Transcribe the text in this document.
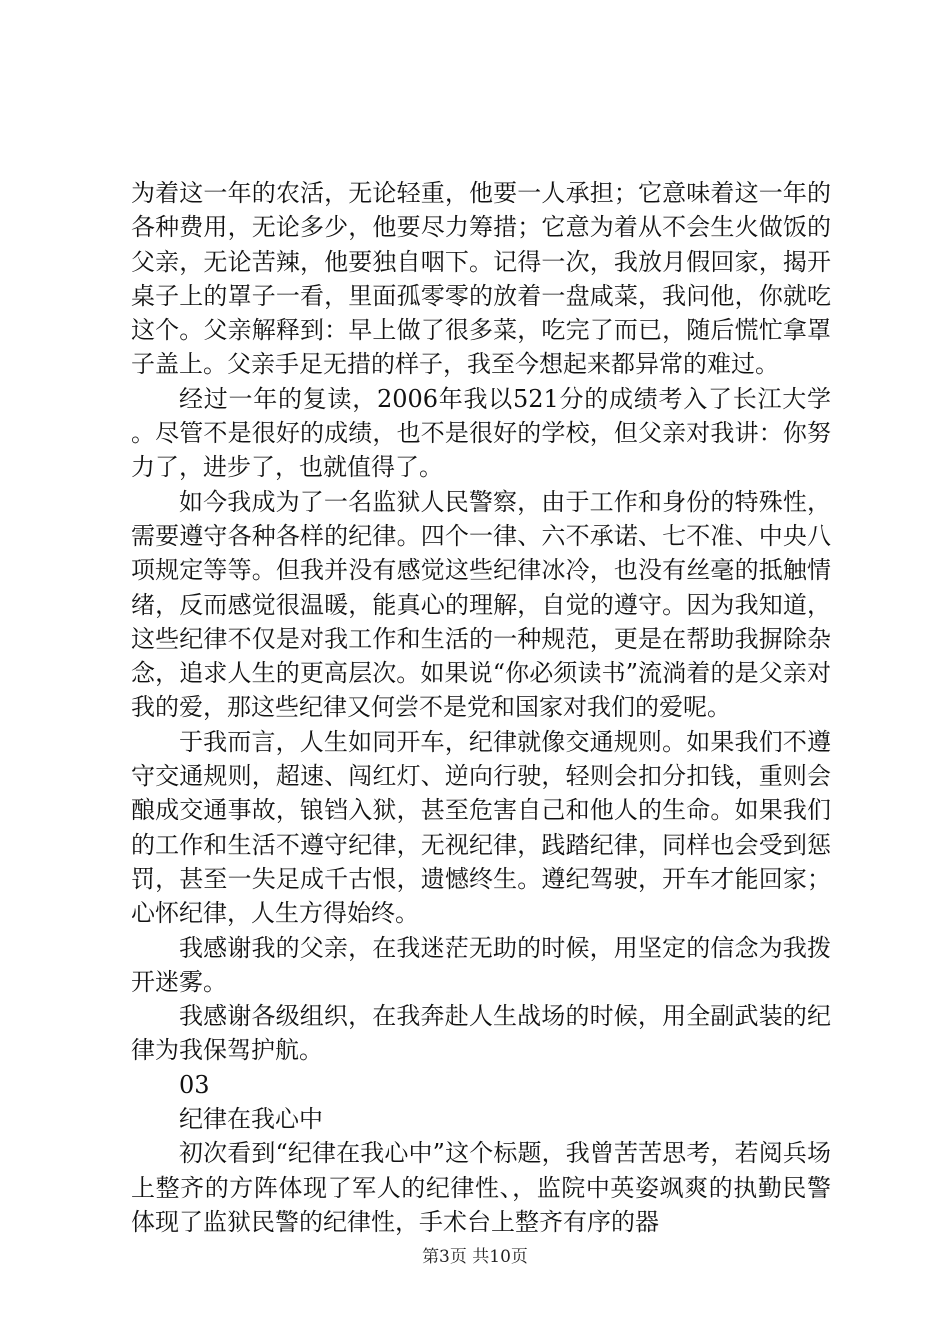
为着这一年的农活，无论轻重，他要一人承担；它意味着这一年的各种费用，无论多少，他要尽力筹措；它意为着从不会生火做饭的父亲，无论苦辣，他要独自咽下。记得一次，我放月假回家，揭开桌子上的罩子一看，里面孤零零的放着一盘咸菜，我问他，你就吃这个。父亲解释到：早上做了很多菜，吃完了而已，随后慌忙拿罩子盖上。父亲手足无措的样子，我至今想起来都异常的难过。

经过一年的复读，2006年我以521分的成绩考入了长江大学。尽管不是很好的成绩，也不是很好的学校，但父亲对我讲：你努力了，进步了，也就值得了。

如今我成为了一名监狱人民警察，由于工作和身份的特殊性，需要遵守各种各样的纪律。四个一律、六不承诺、七不准、中央八项规定等等。但我并没有感觉这些纪律冰冷，也没有丝毫的抵触情绪，反而感觉很温暖，能真心的理解，自觉的遵守。因为我知道，这些纪律不仅是对我工作和生活的一种规范，更是在帮助我摒除杂念，追求人生的更高层次。如果说“你必须读书”流淌着的是父亲对我的爱，那这些纪律又何尝不是党和国家对我们的爱呢。

于我而言，人生如同开车，纪律就像交通规则。如果我们不遵守交通规则，超速、闯红灯、逆向行驶，轻则会扣分扣钱，重则会酿成交通事故，锒铛入狱，甚至危害自己和他人的生命。如果我们的工作和生活不遵守纪律，无视纪律，践踏纪律，同样也会受到惩罚，甚至一失足成千古恨，遗憾终生。遵纪驾驶，开车才能回家；心怀纪律，人生方得始终。

我感谢我的父亲，在我迷茫无助的时候，用坚定的信念为我拨开迷雾。

我感谢各级组织，在我奔赴人生战场的时候，用全副武装的纪律为我保驾护航。

03

纪律在我心中

初次看到“纪律在我心中”这个标题，我曾苦苦思考，若阅兵场上整齐的方阵体现了军人的纪律性、，监院中英姿飒爽的执勤民警体现了监狱民警的纪律性，手术台上整齐有序的器

第3页 共10页
